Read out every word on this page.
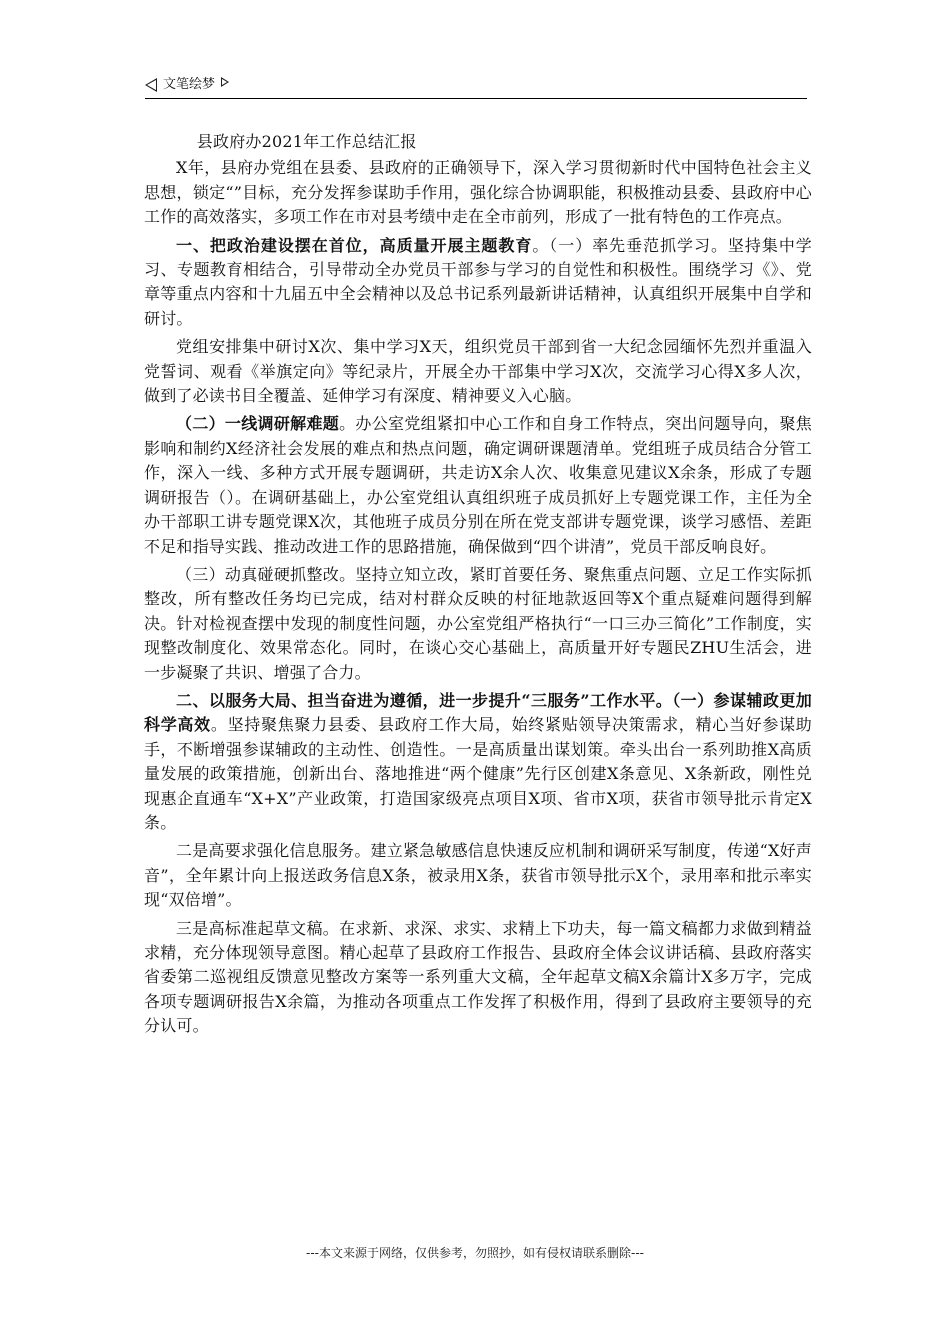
文笔绘梦

县政府办2021年工作总结汇报

X年，县府办党组在县委、县政府的正确领导下，深入学习贯彻新时代中国特色社会主义思想，锁定“”目标，充分发挥参谋助手作用，强化综合协调职能，积极推动县委、县政府中心工作的高效落实，多项工作在市对县考绩中走在全市前列，形成了一批有特色的工作亮点。

一、把政治建设摆在首位，高质量开展主题教育。（一）率先垂范抓学习。坚持集中学习、专题教育相结合，引导带动全办党员干部参与学习的自觉性和积极性。围绕学习《》、党章等重点内容和十九届五中全会精神以及总书记系列最新讲话精神，认真组织开展集中自学和研讨。

党组安排集中研讨X次、集中学习X天，组织党员干部到省一大纪念园缅怀先烈并重温入党誓词、观看《举旗定向》等纪录片，开展全办干部集中学习X次，交流学习心得X多人次，做到了必读书目全覆盖、延伸学习有深度、精神要义入心脑。

（二）一线调研解难题。办公室党组紧扣中心工作和自身工作特点，突出问题导向，聚焦影响和制约X经济社会发展的难点和热点问题，确定调研课题清单。党组班子成员结合分管工作，深入一线、多种方式开展专题调研，共走访X余人次、收集意见建议X余条，形成了专题调研报告（）。在调研基础上，办公室党组认真组织班子成员抓好上专题党课工作，主任为全办干部职工讲专题党课X次，其他班子成员分别在所在党支部讲专题党课，谈学习感悟、差距不足和指导实践、推动改进工作的思路措施，确保做到“四个讲清”，党员干部反响良好。

（三）动真碰硬抓整改。坚持立知立改，紧盯首要任务、聚焦重点问题、立足工作实际抓整改，所有整改任务均已完成，结对村群众反映的村征地款返回等X个重点疑难问题得到解决。针对检视查摆中发现的制度性问题，办公室党组严格执行“一口三办三简化”工作制度，实现整改制度化、效果常态化。同时，在谈心交心基础上，高质量开好专题民ZHU生活会，进一步凝聚了共识、增强了合力。

二、以服务大局、担当奋进为遵循，进一步提升“三服务”工作水平。（一）参谋辅政更加科学高效。坚持聚焦聚力县委、县政府工作大局，始终紧贴领导决策需求，精心当好参谋助手，不断增强参谋辅政的主动性、创造性。一是高质量出谋划策。牵头出台一系列助推X高质量发展的政策措施，创新出台、落地推进“两个健康”先行区创建X条意见、X条新政，刚性兑现惠企直通车“X+X”产业政策，打造国家级亮点项目X项、省市X项，获省市领导批示肯定X条。

二是高要求强化信息服务。建立紧急敏感信息快速反应机制和调研采写制度，传递“X好声音”，全年累计向上报送政务信息X条，被录用X条，获省市领导批示X个，录用率和批示率实现“双倍增”。

三是高标准起草文稿。在求新、求深、求实、求精上下功夫，每一篇文稿都力求做到精益求精，充分体现领导意图。精心起草了县政府工作报告、县政府全体会议讲话稿、县政府落实省委第二巡视组反馈意见整改方案等一系列重大文稿，全年起草文稿X余篇计X多万字，完成各项专题调研报告X余篇，为推动各项重点工作发挥了积极作用，得到了县政府主要领导的充分认可。

---本文来源于网络，仅供参考，勿照抄，如有侵权请联系删除---
